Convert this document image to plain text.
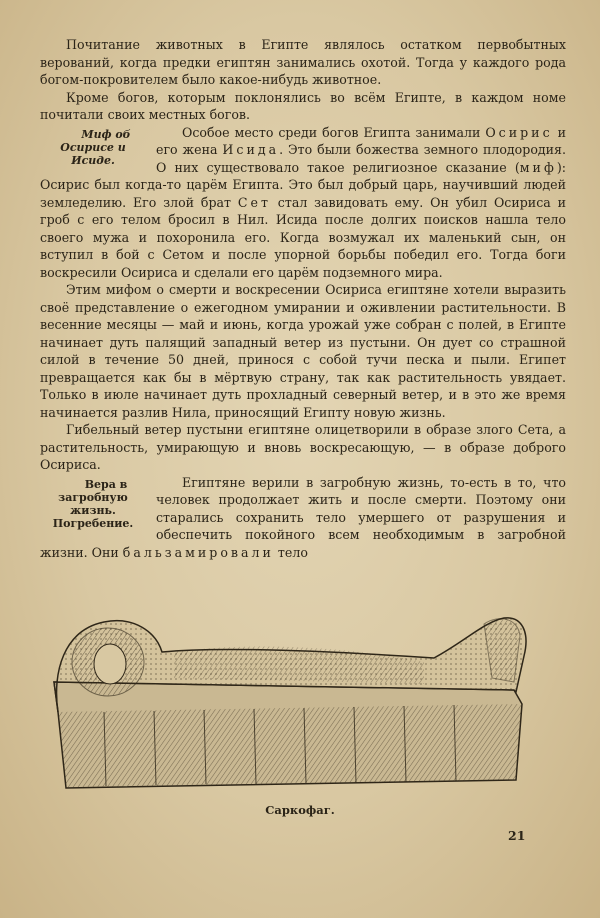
Почитание животных в Египте являлось остатком первобытных верований, когда предки египтян занимались охотой. Тогда у каждого рода богом-покровителем было какое-нибудь животное.

Кроме богов, которым поклонялись во всём Египте, в каждом номе почитали своих местных богов.

Миф об Осирисе и Исиде.
Особое место среди богов Египта занимали Осирис и его жена Исида. Это были божества земного плодородия. О них существовало такое религиозное сказание (миф): Осирис был когда-то царём Египта. Это был добрый царь, научивший людей земледелию. Его злой брат Сет стал завидовать ему. Он убил Осириса и гроб с его телом бросил в Нил. Исида после долгих поисков нашла тело своего мужа и похоронила его. Когда возмужал их маленький сын, он вступил в бой с Сетом и после упорной борьбы победил его. Тогда боги воскресили Осириса и сделали его царём подземного мира.

Этим мифом о смерти и воскресении Осириса египтяне хотели выразить своё представление о ежегодном умирании и оживлении растительности. В весенние месяцы — май и июнь, когда урожай уже собран с полей, в Египте начинает дуть палящий западный ветер из пустыни. Он дует со страшной силой в течение 50 дней, принося с собой тучи песка и пыли. Египет превращается как бы в мёртвую страну, так как растительность увядает. Только в июле начинает дуть прохладный северный ветер, и в это же время начинается разлив Нила, приносящий Египту новую жизнь.

Гибельный ветер пустыни египтяне олицетворили в образе злого Сета, а растительность, умирающую и вновь воскресающую, — в образе доброго Осириса.

Вера в загробную жизнь. Погребение.
Египтяне верили в загробную жизнь, то-есть в то, что человек продолжает жить и после смерти. Поэтому они старались сохранить тело умершего от разрушения и обеспечить покойного всем необходимым в загробной жизни. Они бальзамировали тело

Саркофаг.
21
